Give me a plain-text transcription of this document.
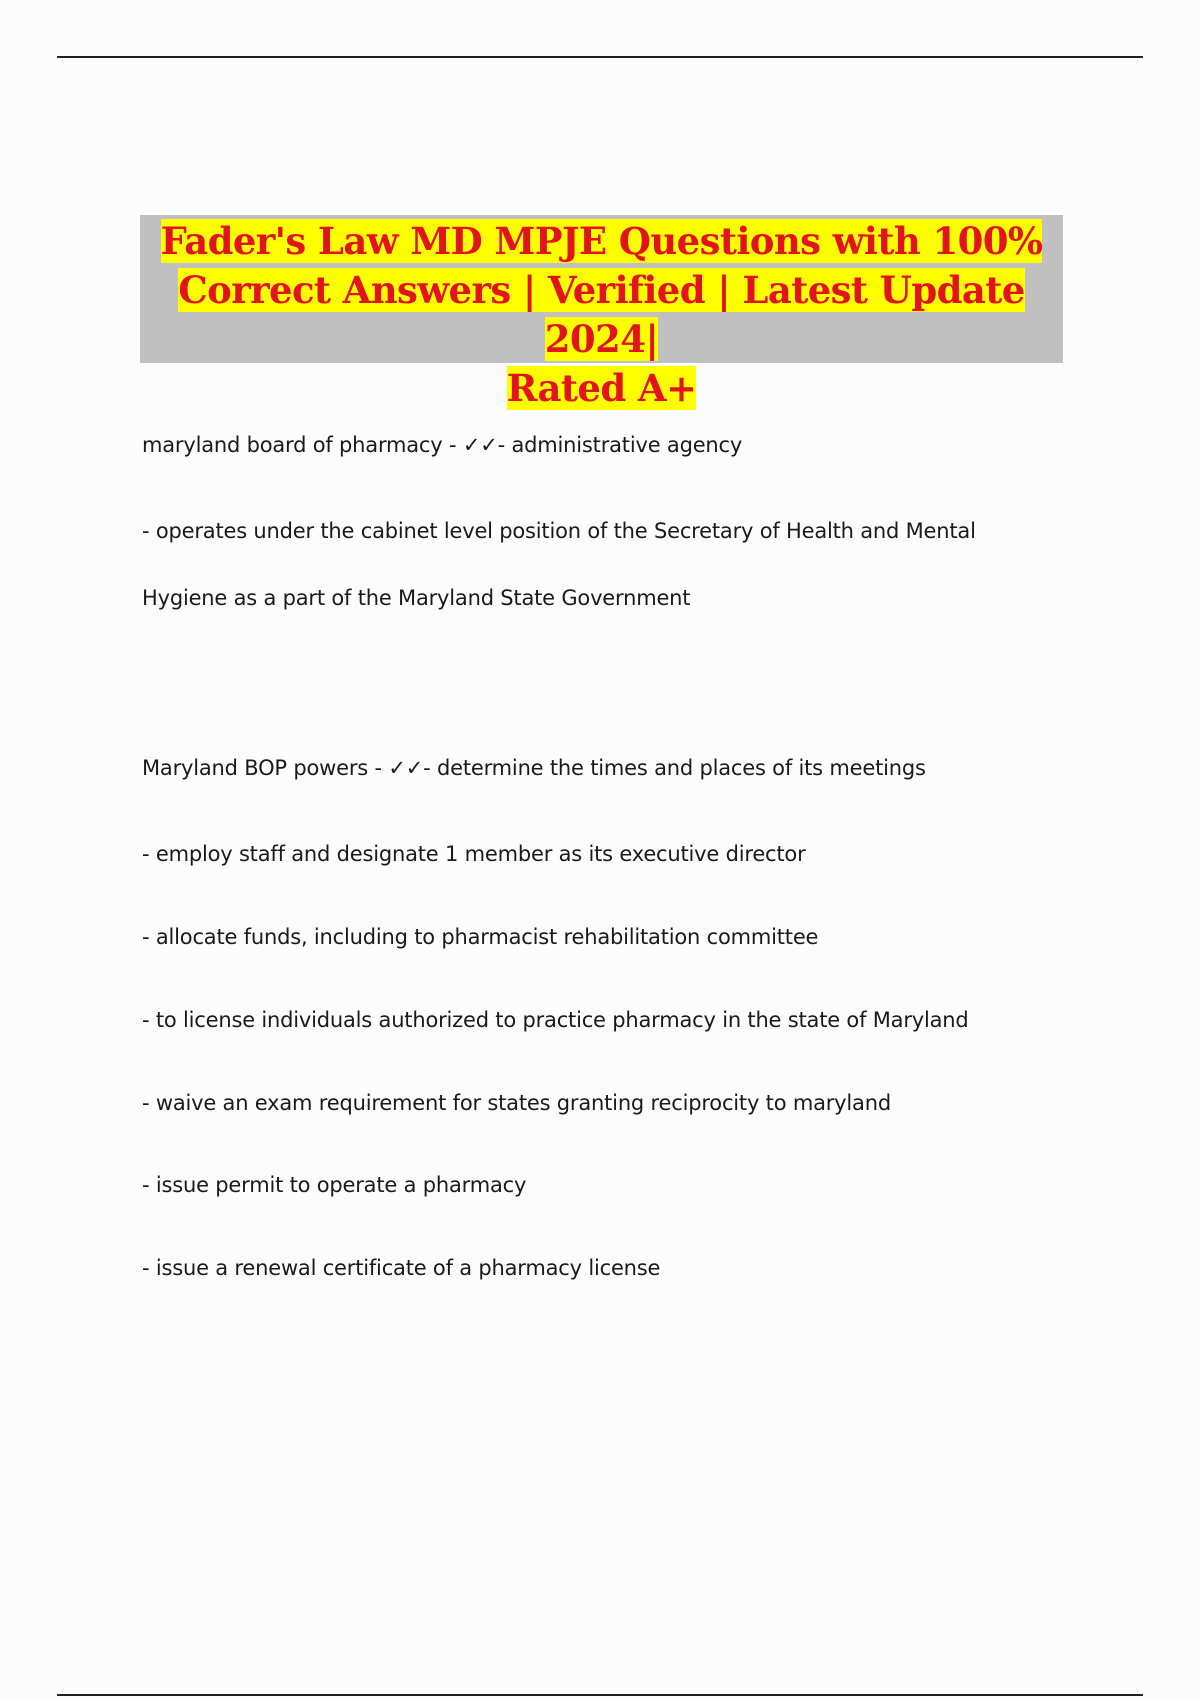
Fader's Law MD MPJE Questions with 100%
Correct Answers | Verified | Latest Update 2024|
Rated A+
maryland board of pharmacy - ✓✓- administrative agency
- operates under the cabinet level position of the Secretary of Health and Mental
Hygiene as a part of the Maryland State Government
Maryland BOP powers - ✓✓- determine the times and places of its meetings
- employ staff and designate 1 member as its executive director
- allocate funds, including to pharmacist rehabilitation committee
- to license individuals authorized to practice pharmacy in the state of Maryland
- waive an exam requirement for states granting reciprocity to maryland
- issue permit to operate a pharmacy
- issue a renewal certificate of a pharmacy license
